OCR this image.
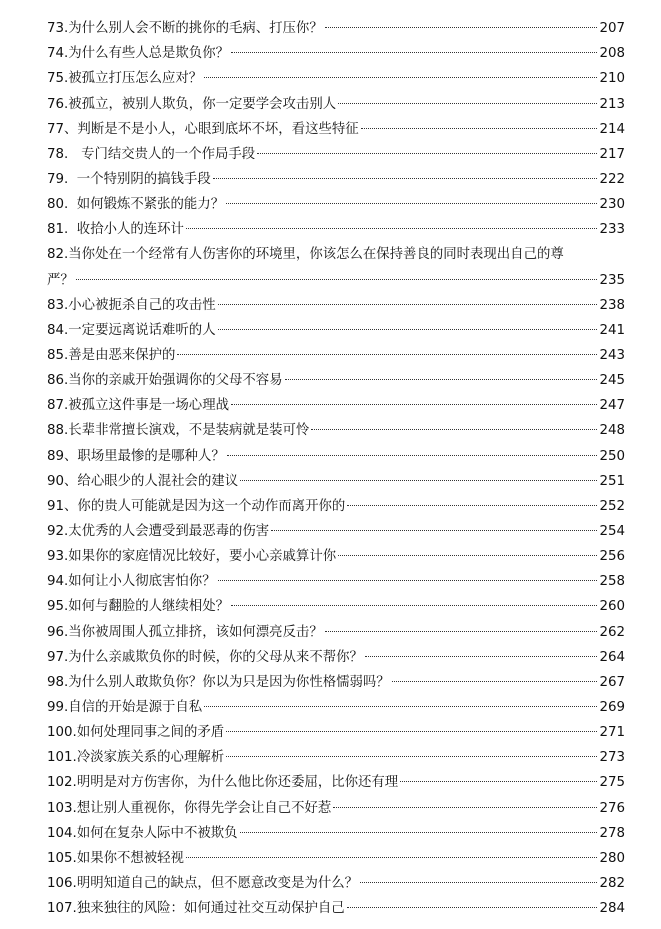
73.为什么别人会不断的挑你的毛病、打压你？	207
74.为什么有些人总是欺负你？	208
75.被孤立打压怎么应对？	210
76.被孤立，被别人欺负，你一定要学会攻击别人	213
77、判断是不是小人，心眼到底坏不坏，看这些特征	214
78.   专门结交贵人的一个作局手段	217
79.  一个特别阴的搞钱手段	222
80.  如何锻炼不紧张的能力？	230
81.  收拾小人的连环计	233
82.当你处在一个经常有人伤害你的环境里，你该怎么在保持善良的同时表现出自己的尊
严？	235
83.小心被扼杀自己的攻击性	238
84.一定要远离说话难听的人	241
85.善是由恶来保护的	243
86.当你的亲戚开始强调你的父母不容易	245
87.被孤立这件事是一场心理战	247
88.长辈非常擅长演戏，不是装病就是装可怜	248
89、职场里最惨的是哪种人？	250
90、给心眼少的人混社会的建议	251
91、你的贵人可能就是因为这一个动作而离开你的	252
92.太优秀的人会遭受到最恶毒的伤害	254
93.如果你的家庭情况比较好，要小心亲戚算计你	256
94.如何让小人彻底害怕你？	258
95.如何与翻脸的人继续相处？	260
96.当你被周围人孤立排挤，该如何漂亮反击？	262
97.为什么亲戚欺负你的时候，你的父母从来不帮你？	264
98.为什么别人敢欺负你？你以为只是因为你性格懦弱吗？	267
99.自信的开始是源于自私	269
100.如何处理同事之间的矛盾	271
101.冷淡家族关系的心理解析	273
102.明明是对方伤害你，为什么他比你还委屈，比你还有理	275
103.想让别人重视你，你得先学会让自己不好惹	276
104.如何在复杂人际中不被欺负	278
105.如果你不想被轻视	280
106.明明知道自己的缺点，但不愿意改变是为什么？	282
107.独来独往的风险：如何通过社交互动保护自己	284
